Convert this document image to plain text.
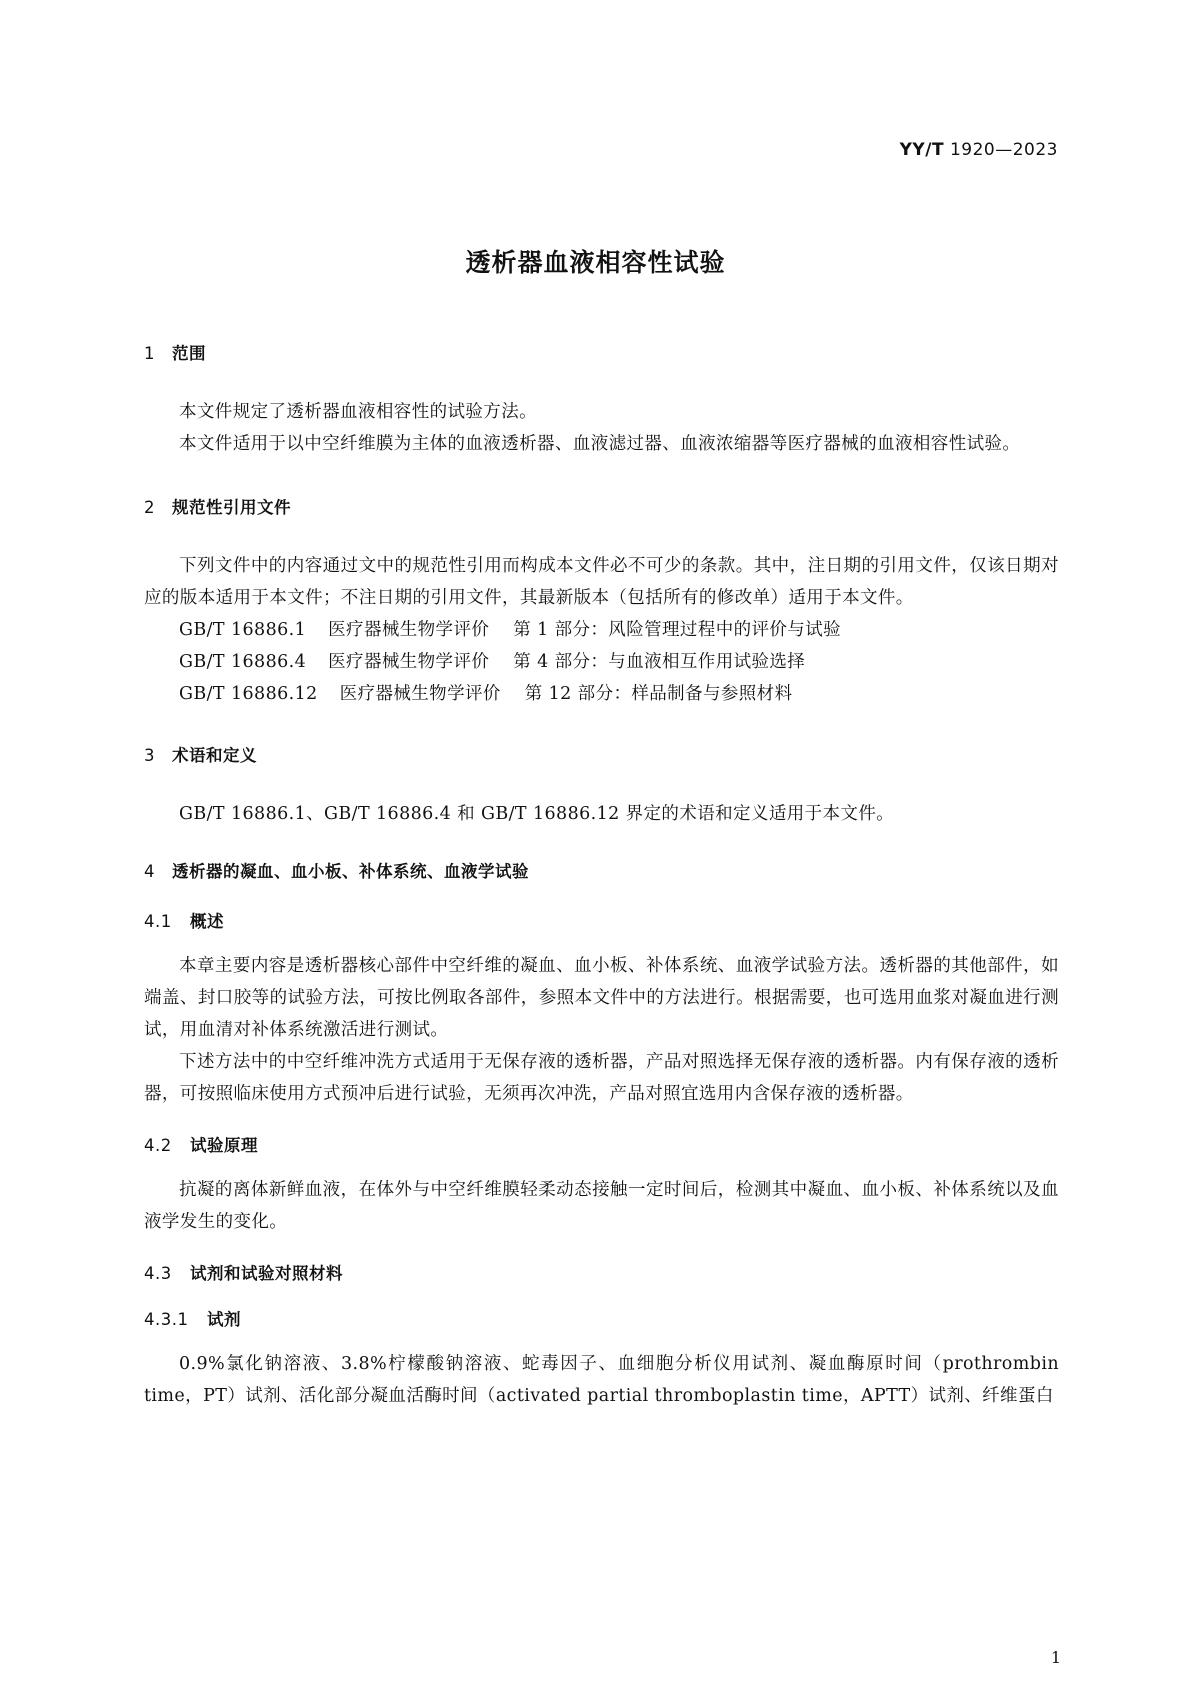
YY/T 1920—2023
透析器血液相容性试验
1 范围

本文件规定了透析器血液相容性的试验方法。

本文件适用于以中空纤维膜为主体的血液透析器、血液滤过器、血液浓缩器等医疗器械的血液相容性试验。

2 规范性引用文件

下列文件中的内容通过文中的规范性引用而构成本文件必不可少的条款。其中，注日期的引用文件，仅该日期对应的版本适用于本文件；不注日期的引用文件，其最新版本（包括所有的修改单）适用于本文件。

GB/T 16886.1 医疗器械生物学评价 第 1 部分：风险管理过程中的评价与试验

GB/T 16886.4 医疗器械生物学评价 第 4 部分：与血液相互作用试验选择

GB/T 16886.12 医疗器械生物学评价 第 12 部分：样品制备与参照材料

3 术语和定义

GB/T 16886.1、GB/T 16886.4 和 GB/T 16886.12 界定的术语和定义适用于本文件。

4 透析器的凝血、血小板、补体系统、血液学试验
4.1 概述

本章主要内容是透析器核心部件中空纤维的凝血、血小板、补体系统、血液学试验方法。透析器的其他部件，如端盖、封口胶等的试验方法，可按比例取各部件，参照本文件中的方法进行。根据需要，也可选用血浆对凝血进行测试，用血清对补体系统激活进行测试。

下述方法中的中空纤维冲洗方式适用于无保存液的透析器，产品对照选择无保存液的透析器。内有保存液的透析器，可按照临床使用方式预冲后进行试验，无须再次冲洗，产品对照宜选用内含保存液的透析器。

4.2 试验原理

抗凝的离体新鲜血液，在体外与中空纤维膜轻柔动态接触一定时间后，检测其中凝血、血小板、补体系统以及血液学发生的变化。

4.3 试剂和试验对照材料
4.3.1 试剂

0.9%氯化钠溶液、3.8%柠檬酸钠溶液、蛇毒因子、血细胞分析仪用试剂、凝血酶原时间（prothrombin time，PT）试剂、活化部分凝血活酶时间（activated partial thromboplastin time，APTT）试剂、纤维蛋白

1
